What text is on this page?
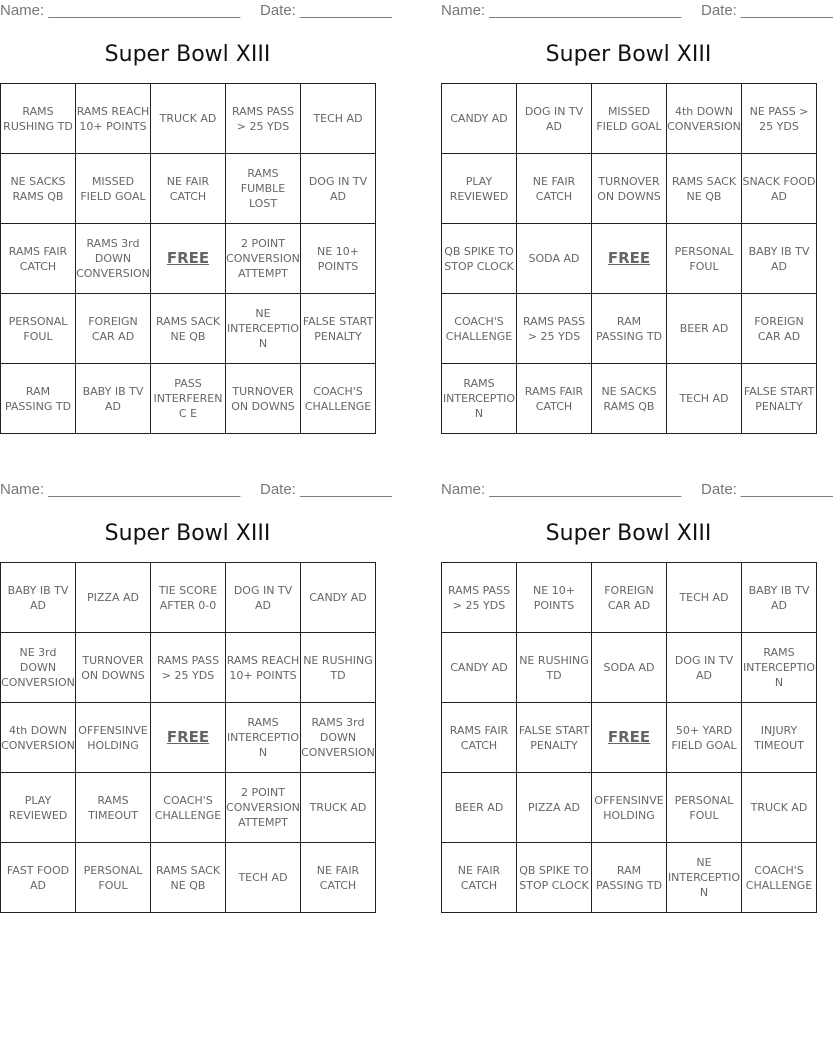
Name: _______________________ Date: ___________
Super Bowl XIII
RAMS RUSHING TD	RAMS REACH 10+ POINTS	TRUCK AD	RAMS PASS > 25 YDS	TECH AD
NE SACKS RAMS QB	MISSED FIELD GOAL	NE FAIR CATCH	RAMS FUMBLE LOST	DOG IN TV AD
RAMS FAIR CATCH	RAMS 3rd DOWN CONVERSION	FREE	2 POINT CONVERSION ATTEMPT	NE 10+ POINTS
PERSONAL FOUL	FOREIGN CAR AD	RAMS SACK NE QB	NE INTERCEPTION	FALSE START PENALTY
RAM PASSING TD	BABY IB TV AD	PASS INTERFERENC E	TURNOVER ON DOWNS	COACH'S CHALLENGE
Name: _______________________ Date: ___________
Super Bowl XIII
CANDY AD	DOG IN TV AD	MISSED FIELD GOAL	4th DOWN CONVERSION	NE PASS > 25 YDS
PLAY REVIEWED	NE FAIR CATCH	TURNOVER ON DOWNS	RAMS SACK NE QB	SNACK FOOD AD
QB SPIKE TO STOP CLOCK	SODA AD	FREE	PERSONAL FOUL	BABY IB TV AD
COACH'S CHALLENGE	RAMS PASS > 25 YDS	RAM PASSING TD	BEER AD	FOREIGN CAR AD
RAMS INTERCEPTION	RAMS FAIR CATCH	NE SACKS RAMS QB	TECH AD	FALSE START PENALTY
Name: _______________________ Date: ___________
Super Bowl XIII
BABY IB TV AD	PIZZA AD	TIE SCORE AFTER 0-0	DOG IN TV AD	CANDY AD
NE 3rd DOWN CONVERSION	TURNOVER ON DOWNS	RAMS PASS > 25 YDS	RAMS REACH 10+ POINTS	NE RUSHING TD
4th DOWN CONVERSION	OFFENSINVE HOLDING	FREE	RAMS INTERCEPTION	RAMS 3rd DOWN CONVERSION
PLAY REVIEWED	RAMS TIMEOUT	COACH'S CHALLENGE	2 POINT CONVERSION ATTEMPT	TRUCK AD
FAST FOOD AD	PERSONAL FOUL	RAMS SACK NE QB	TECH AD	NE FAIR CATCH
Name: _______________________ Date: ___________
Super Bowl XIII
RAMS PASS > 25 YDS	NE 10+ POINTS	FOREIGN CAR AD	TECH AD	BABY IB TV AD
CANDY AD	NE RUSHING TD	SODA AD	DOG IN TV AD	RAMS INTERCEPTION
RAMS FAIR CATCH	FALSE START PENALTY	FREE	50+ YARD FIELD GOAL	INJURY TIMEOUT
BEER AD	PIZZA AD	OFFENSINVE HOLDING	PERSONAL FOUL	TRUCK AD
NE FAIR CATCH	QB SPIKE TO STOP CLOCK	RAM PASSING TD	NE INTERCEPTION	COACH'S CHALLENGE
